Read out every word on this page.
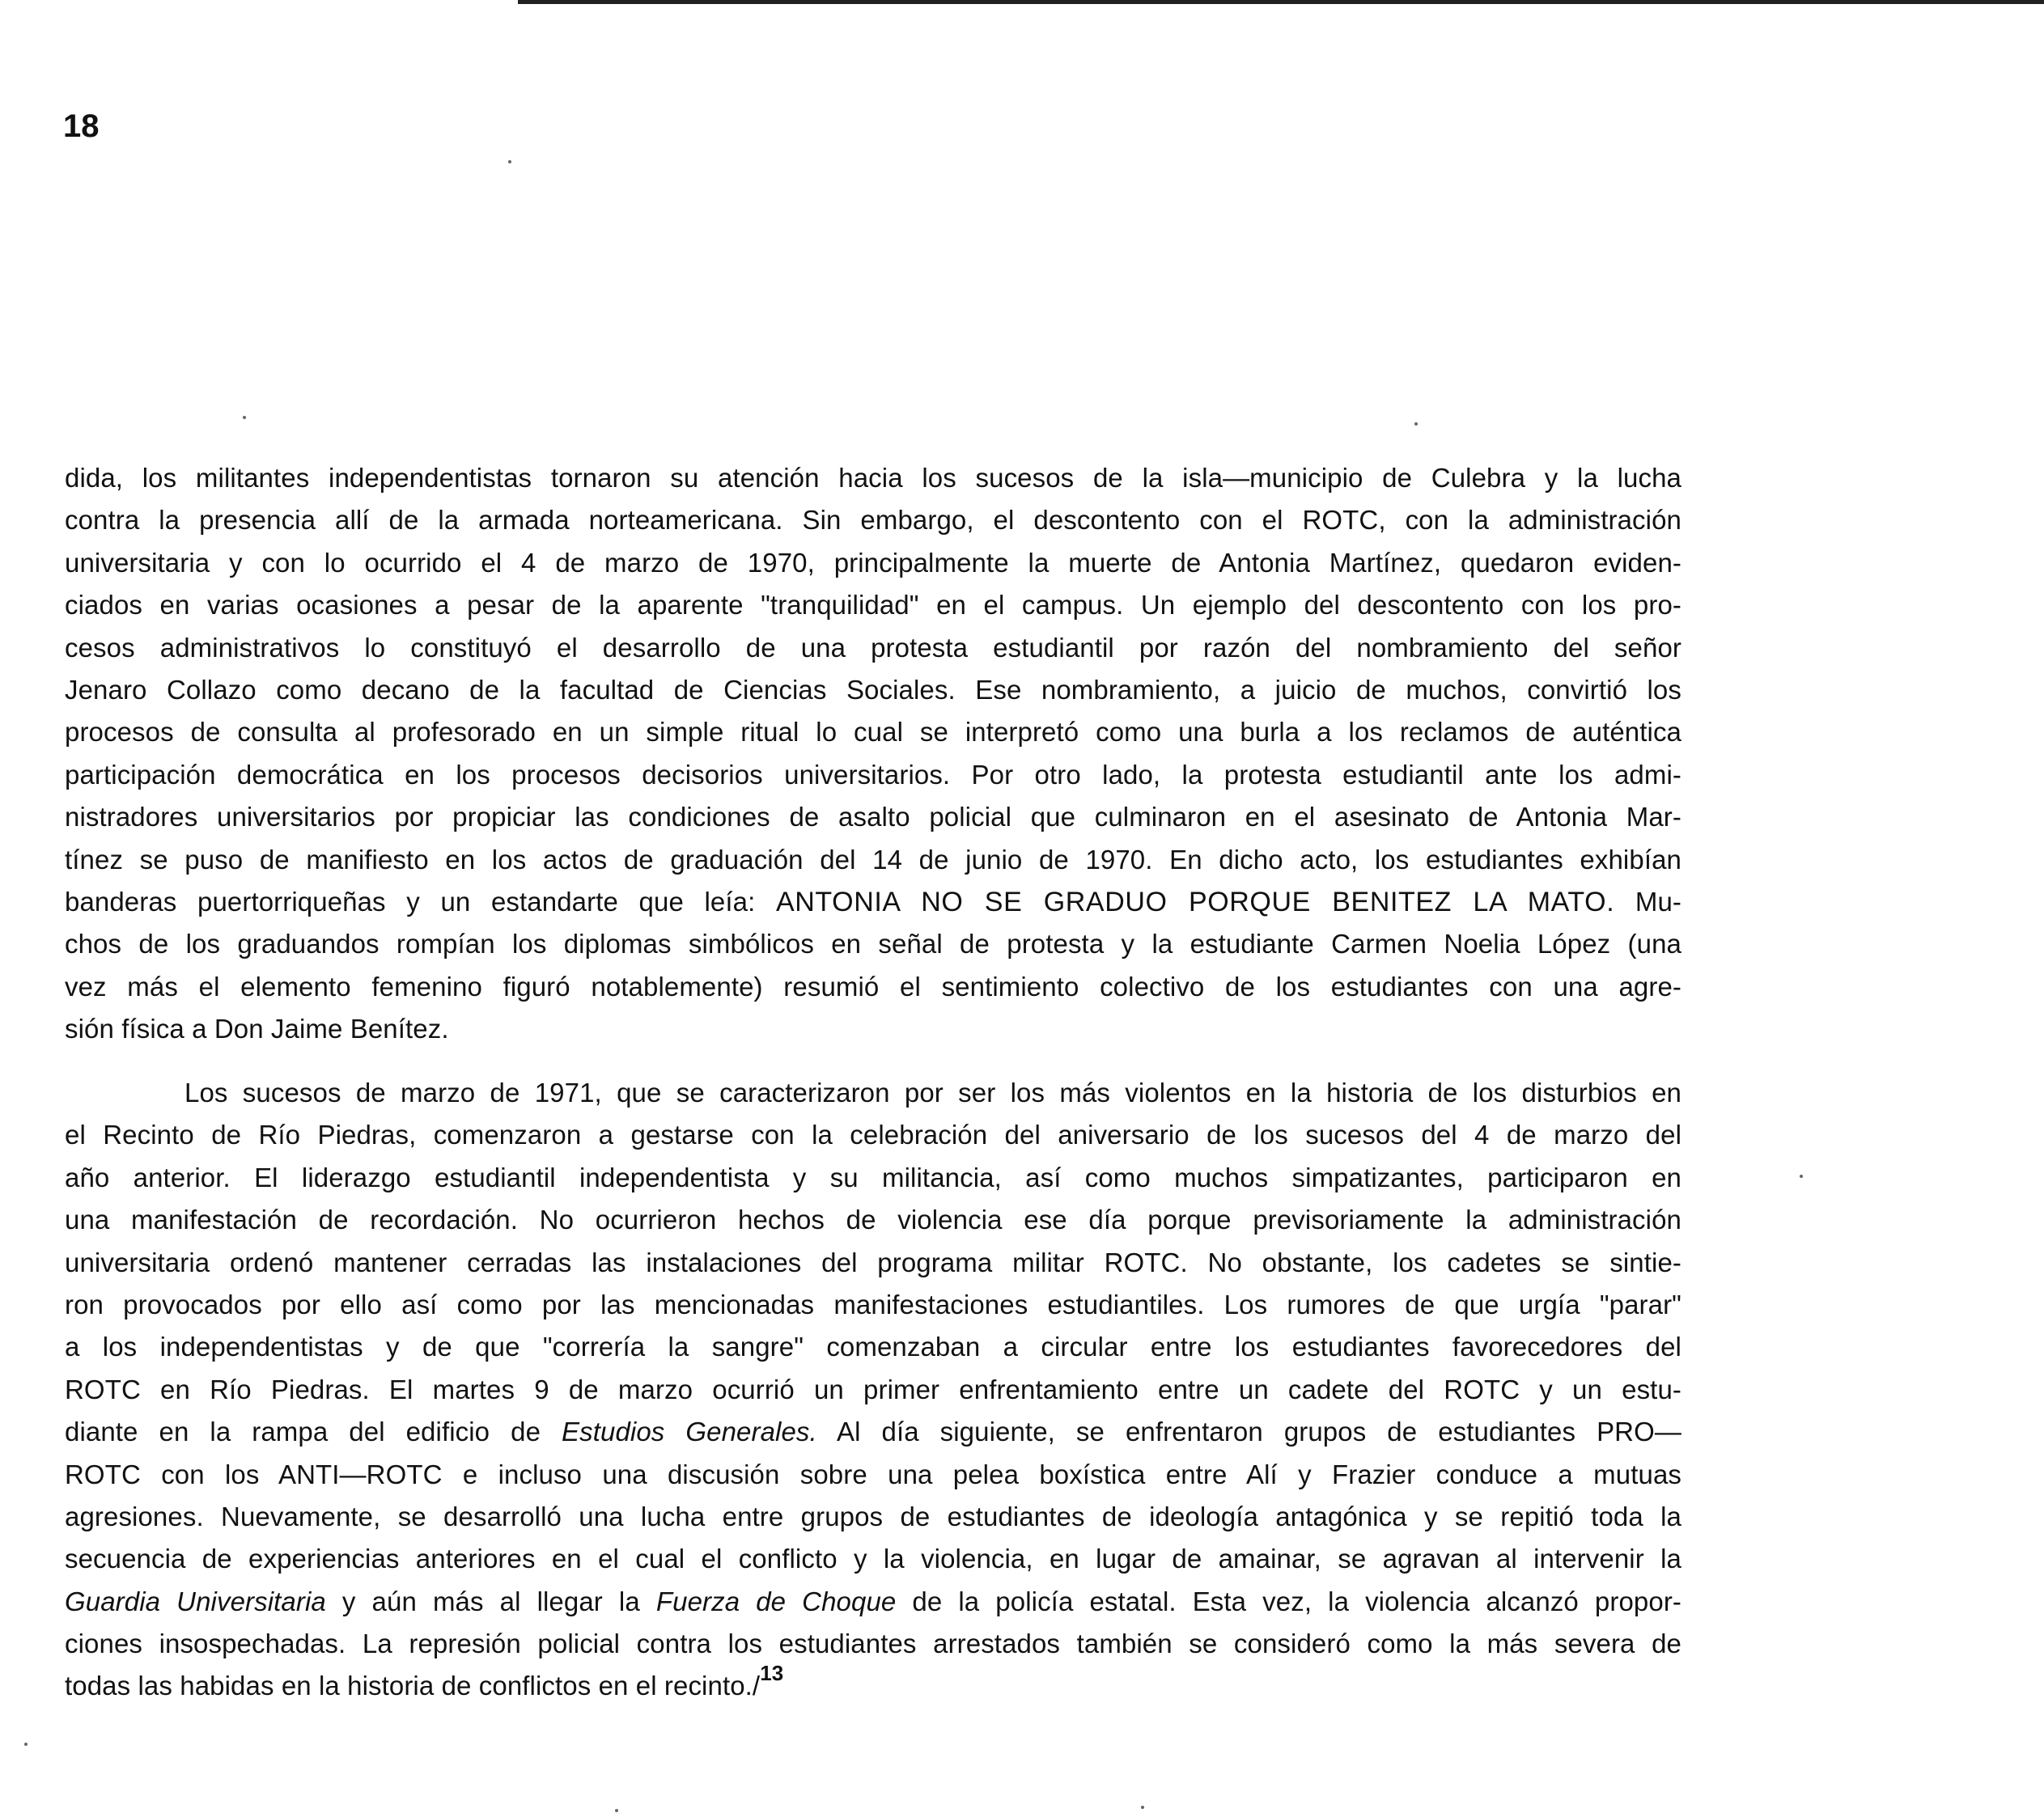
18
dida, los militantes independentistas tornaron su atención hacia los sucesos de la isla—municipio de Culebra y la lucha
contra la presencia allí de la armada norteamericana. Sin embargo, el descontento con el ROTC, con la administración
universitaria y con lo ocurrido el 4 de marzo de 1970, principalmente la muerte de Antonia Martínez, quedaron eviden-
ciados en varias ocasiones a pesar de la aparente "tranquilidad" en el campus. Un ejemplo del descontento con los pro-
cesos administrativos lo constituyó el desarrollo de una protesta estudiantil por razón del nombramiento del señor
Jenaro Collazo como decano de la facultad de Ciencias Sociales. Ese nombramiento, a juicio de muchos, convirtió los
procesos de consulta al profesorado en un simple ritual lo cual se interpretó como una burla a los reclamos de auténtica
participación democrática en los procesos decisorios universitarios. Por otro lado, la protesta estudiantil ante los admi-
nistradores universitarios por propiciar las condiciones de asalto policial que culminaron en el asesinato de Antonia Mar-
tínez se puso de manifiesto en los actos de graduación del 14 de junio de 1970. En dicho acto, los estudiantes exhibían
banderas puertorriqueñas y un estandarte que leía: ANTONIA NO SE GRADUO PORQUE BENITEZ LA MATO. Mu-
chos de los graduandos rompían los diplomas simbólicos en señal de protesta y la estudiante Carmen Noelia López (una
vez más el elemento femenino figuró notablemente) resumió el sentimiento colectivo de los estudiantes con una agre-
sión física a Don Jaime Benítez.
Los sucesos de marzo de 1971, que se caracterizaron por ser los más violentos en la historia de los disturbios en
el Recinto de Río Piedras, comenzaron a gestarse con la celebración del aniversario de los sucesos del 4 de marzo del
año anterior. El liderazgo estudiantil independentista y su militancia, así como muchos simpatizantes, participaron en
una manifestación de recordación. No ocurrieron hechos de violencia ese día porque previsoriamente la administración
universitaria ordenó mantener cerradas las instalaciones del programa militar ROTC. No obstante, los cadetes se sintie-
ron provocados por ello así como por las mencionadas manifestaciones estudiantiles. Los rumores de que urgía "parar"
a los independentistas y de que "correría la sangre" comenzaban a circular entre los estudiantes favorecedores del
ROTC en Río Piedras. El martes 9 de marzo ocurrió un primer enfrentamiento entre un cadete del ROTC y un estu-
diante en la rampa del edificio de Estudios Generales. Al día siguiente, se enfrentaron grupos de estudiantes PRO—
ROTC con los ANTI—ROTC e incluso una discusión sobre una pelea boxística entre Alí y Frazier conduce a mutuas
agresiones. Nuevamente, se desarrolló una lucha entre grupos de estudiantes de ideología antagónica y se repitió toda la
secuencia de experiencias anteriores en el cual el conflicto y la violencia, en lugar de amainar, se agravan al intervenir la
Guardia Universitaria y aún más al llegar la Fuerza de Choque de la policía estatal. Esta vez, la violencia alcanzó propor-
ciones insospechadas. La represión policial contra los estudiantes arrestados también se consideró como la más severa de
todas las habidas en la historia de conflictos en el recinto./$^{13}$
